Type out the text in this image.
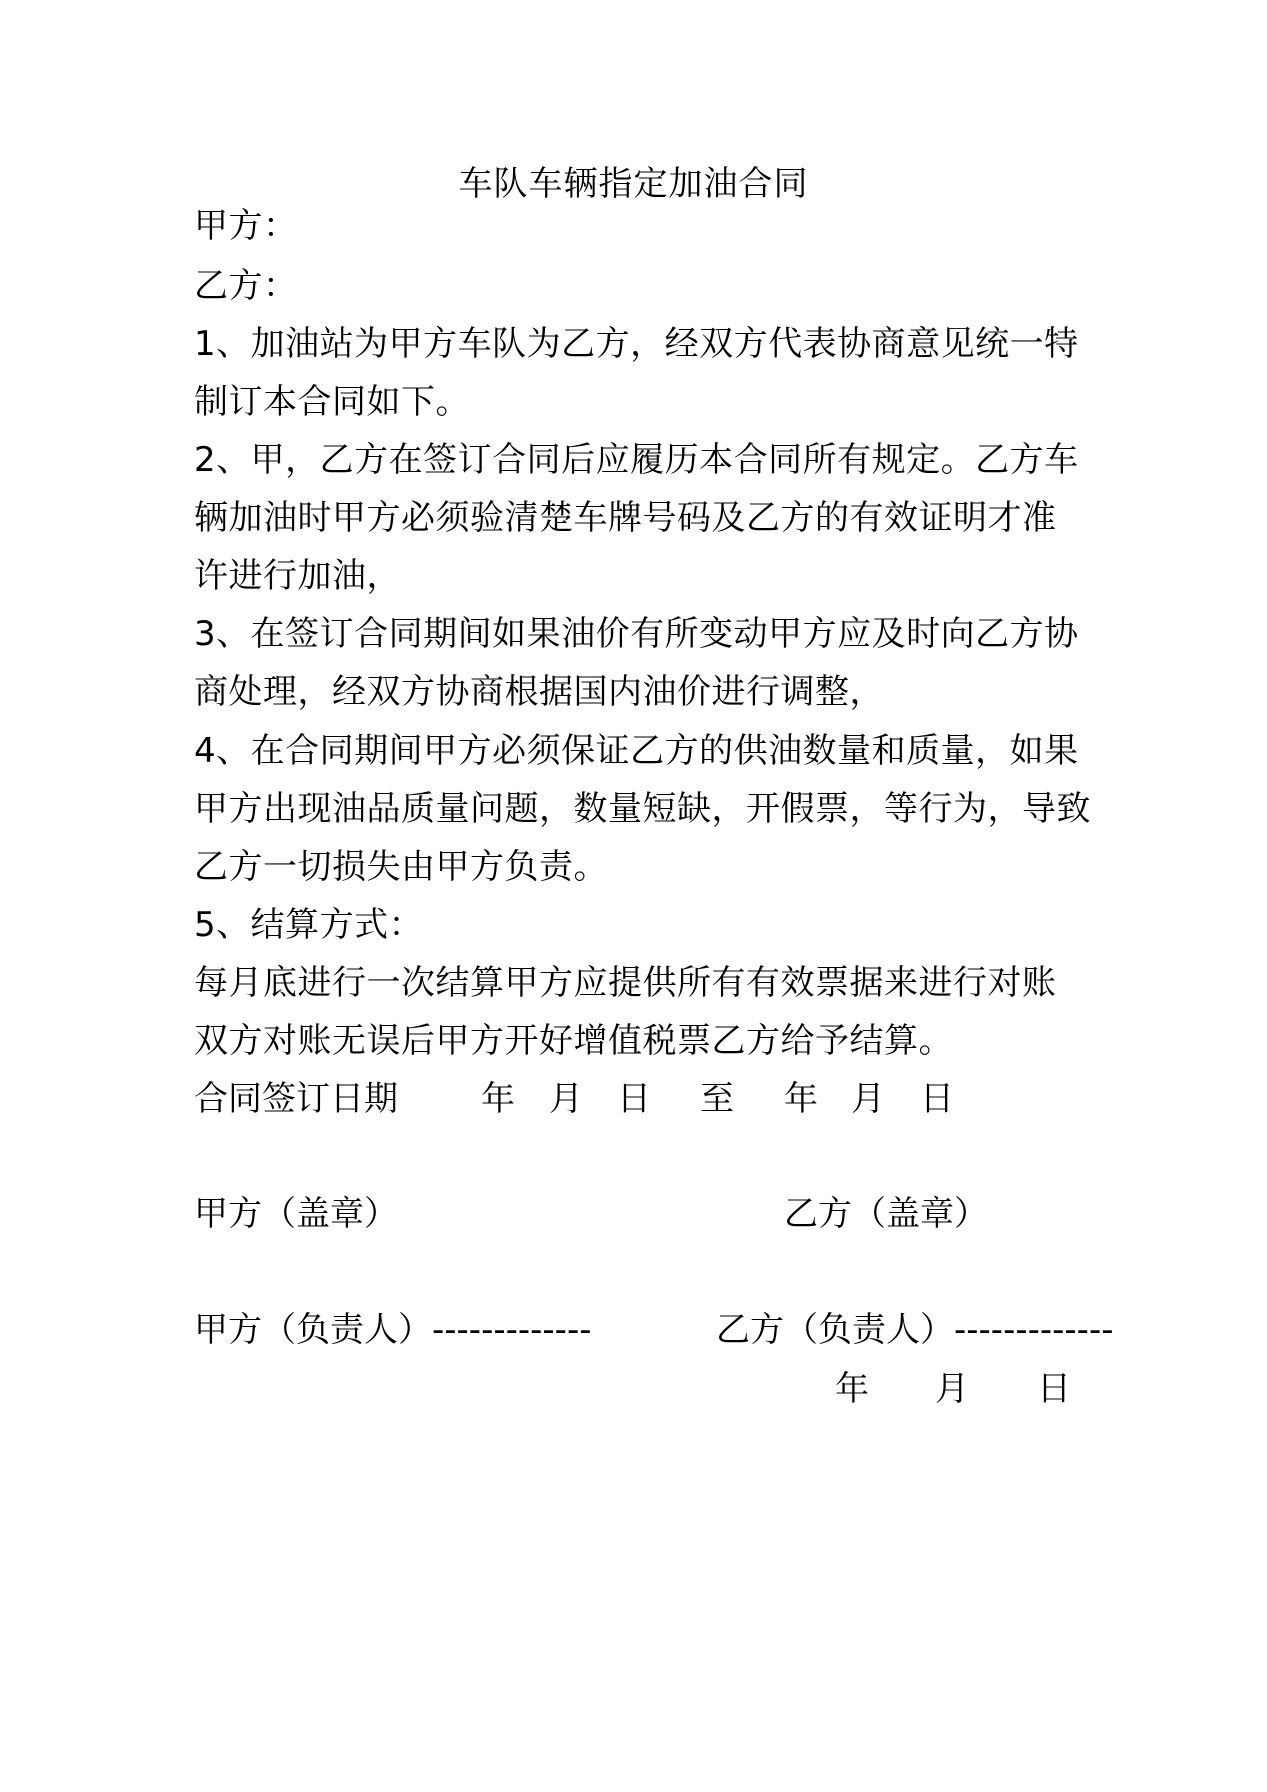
车队车辆指定加油合同
甲方：
乙方：
1、加油站为甲方车队为乙方，经双方代表协商意见统一特
制订本合同如下。
2、甲，乙方在签订合同后应履历本合同所有规定。乙方车
辆加油时甲方必须验清楚车牌号码及乙方的有效证明才准
许进行加油，
3、在签订合同期间如果油价有所变动甲方应及时向乙方协
商处理，经双方协商根据国内油价进行调整，
4、在合同期间甲方必须保证乙方的供油数量和质量，如果
甲方出现油品质量问题，数量短缺，开假票，等行为，导致
乙方一切损失由甲方负责。
5、结算方式：
每月底进行一次结算甲方应提供所有有效票据来进行对账
双方对账无误后甲方开好增值税票乙方给予结算。
合同签订日期 年 月 日 至 年 月 日
甲方（盖章）	乙方（盖章）
甲方（负责人）-------------	乙方（负责人）-------------
年 月 日
